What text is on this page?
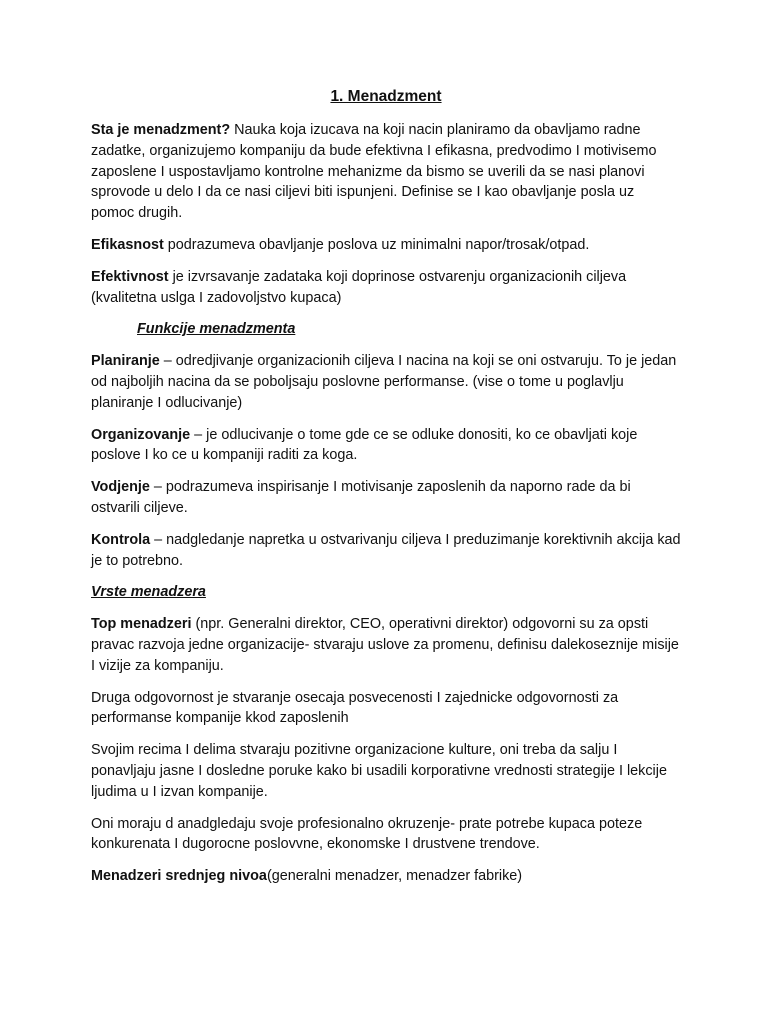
1. Menadzment

Sta je menadzment? Nauka koja izucava na koji nacin planiramo da obavljamo radne zadatke, organizujemo kompaniju da bude efektivna I efikasna, predvodimo I motivisemo zaposlene I uspostavljamo kontrolne mehanizme da bismo se uverili da se nasi planovi sprovode u delo I da ce nasi ciljevi biti ispunjeni. Definise se I kao obavljanje posla uz pomoc drugih.

Efikasnost podrazumeva obavljanje poslova uz minimalni napor/trosak/otpad.

Efektivnost je izvrsavanje zadataka koji doprinose ostvarenju organizacionih ciljeva (kvalitetna uslga I zadovoljstvo kupaca)

Funkcije menadzmenta

Planiranje – odredjivanje organizacionih ciljeva I nacina na koji se oni ostvaruju. To je jedan od najboljih nacina da se poboljsaju poslovne performanse. (vise o tome u poglavlju planiranje I odlucivanje)

Organizovanje – je odlucivanje o tome gde ce se odluke donositi, ko ce obavljati koje poslove I ko ce u kompaniji raditi za koga.

Vodjenje – podrazumeva inspirisanje I motivisanje zaposlenih da naporno rade da bi ostvarili ciljeve.

Kontrola – nadgledanje napretka u ostvarivanju ciljeva I preduzimanje korektivnih akcija kad je to potrebno.

Vrste menadzera

Top menadzeri (npr. Generalni direktor, CEO, operativni direktor) odgovorni su za opsti pravac razvoja jedne organizacije- stvaraju uslove za promenu, definisu dalekoseznije misije I vizije za kompaniju.

Druga odgovornost je stvaranje osecaja posvecenosti I zajednicke odgovornosti za performanse kompanije kkod zaposlenih

Svojim recima I delima stvaraju pozitivne organizacione kulture, oni treba da salju I ponavljaju jasne I dosledne poruke kako bi usadili korporativne vrednosti strategije I lekcije ljudima u I izvan kompanije.

Oni moraju d anadgledaju svoje profesionalno okruzenje- prate potrebe kupaca poteze konkurenata I dugorocne poslovvne, ekonomske I drustvene trendove.

Menadzeri srednjeg nivoa(generalni menadzer, menadzer fabrike)
